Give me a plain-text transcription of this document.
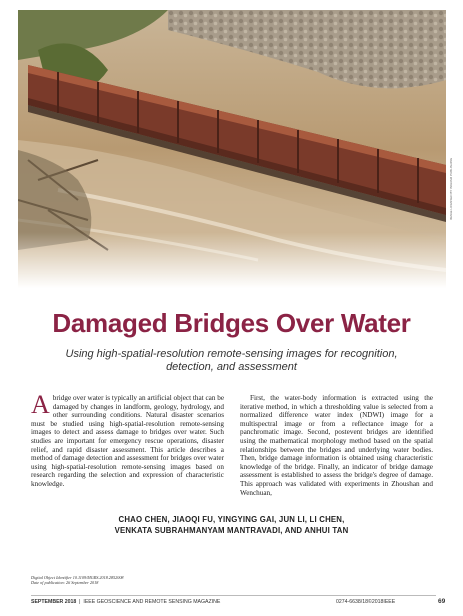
IMAGE LICENSED BY INGRAM PUBLISHING
Damaged Bridges Over Water
Using high-spatial-resolution remote-sensing images for recognition, detection, and assessment
Abridge over water is typically an artificial object that can be damaged by changes in landform, geology, hydrology, and other surrounding conditions. Natural disaster scenarios must be studied using high-spatial-resolution remote-sensing images to detect and assess damage to bridges over water. Such studies are important for emergency rescue operations, disaster relief, and rapid disaster assessment. This article describes a method of damage detection and assessment for bridges over water using high-spatial-resolution remote-sensing images based on research regarding the selection and expression of characteristic knowledge.
First, the water-body information is extracted using the iterative method, in which a thresholding value is selected from a normalized difference water index (NDWI) image for a multispectral image or from a reflectance image for a panchromatic image. Second, postevent bridges are identified using the mathematical morphology method based on the spatial relationships between the bridges and underlying water bodies. Then, bridge damage information is obtained using characteristic knowledge of the bridge. Finally, an indicator of bridge damage assessment is established to assess the bridge's degree of damage. This approach was validated with experiments in Zhoushan and Wenchuan,
CHAO CHEN, JIAOQI FU, YINGYING GAI, JUN LI, LI CHEN,
VENKATA SUBRAHMANYAM MANTRAVADI, AND ANHUI TAN
Digital Object Identifier 10.1109/MGRS.2018.2852008
Date of publication: 26 September 2018
SEPTEMBER 2018  |  IEEE GEOSCIENCE AND REMOTE SENSING MAGAZINE	0274-6638/18©2018IEEE	69
